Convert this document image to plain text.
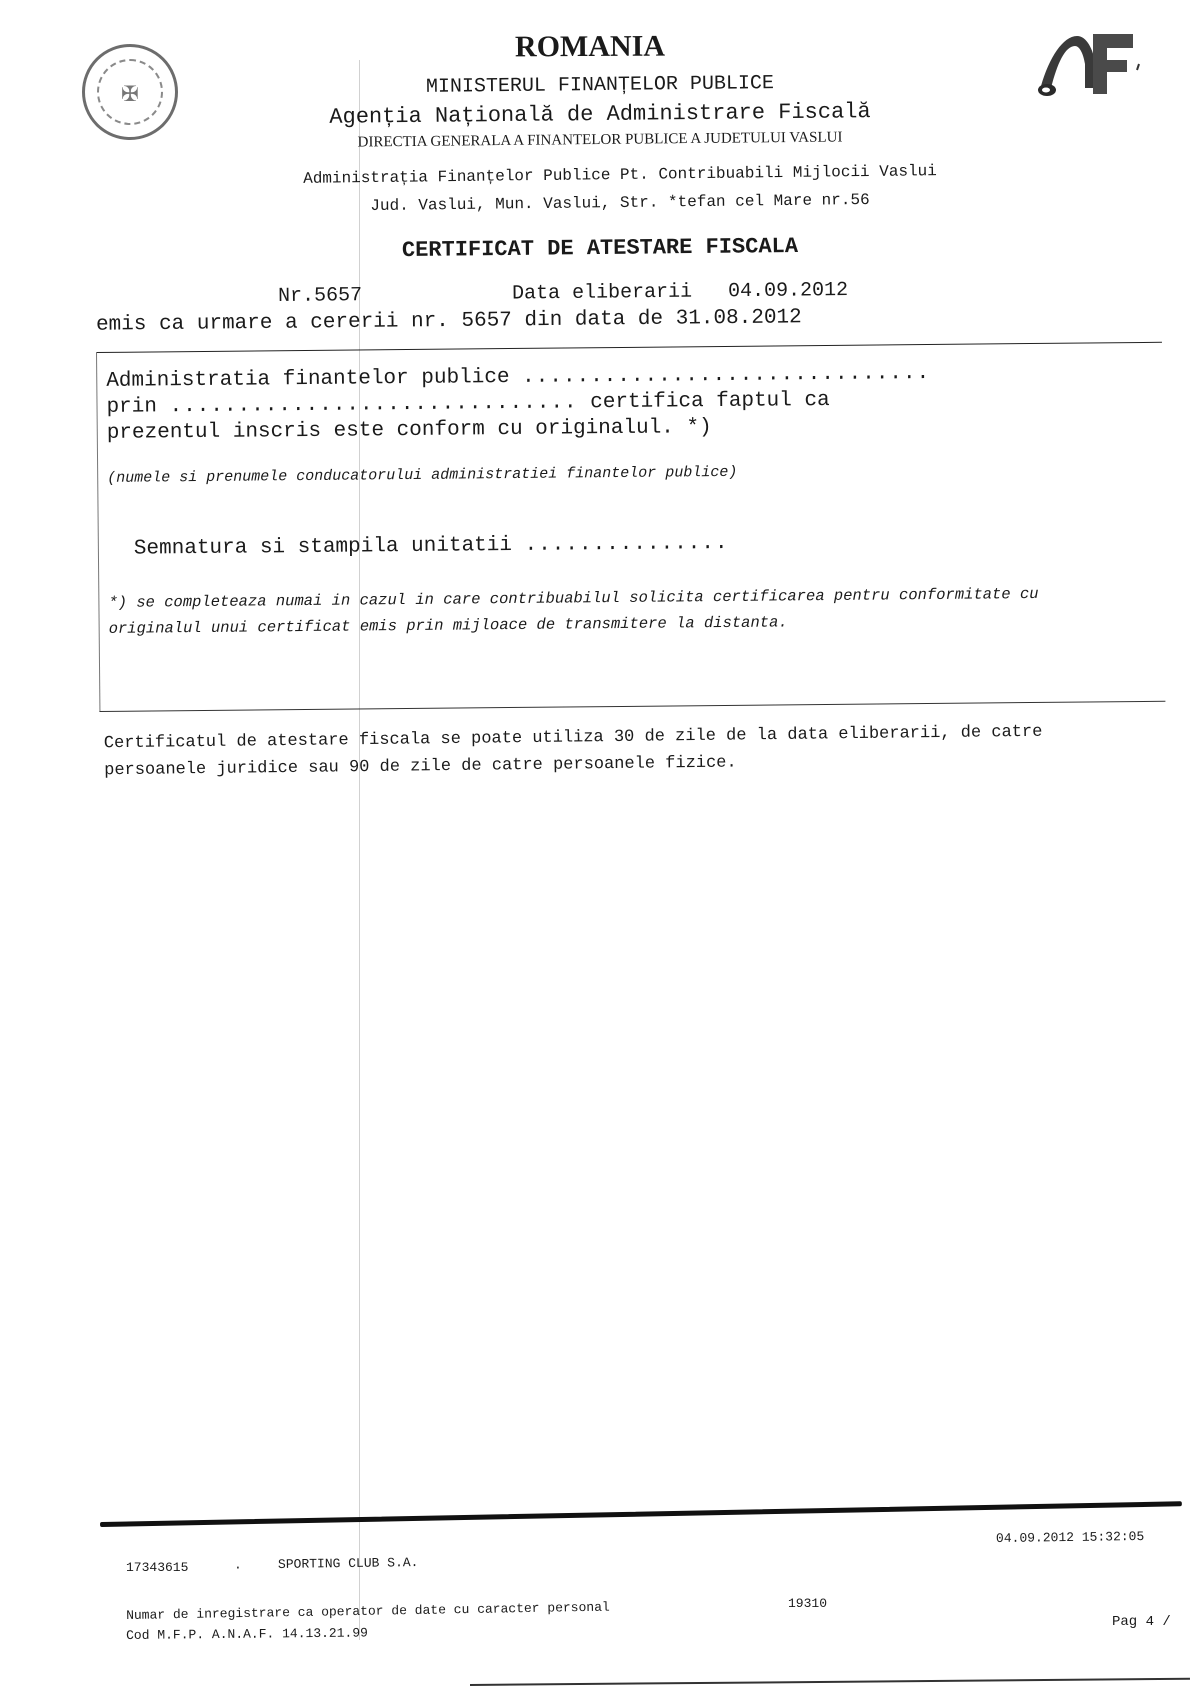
✠
ROMANIA
MINISTERUL FINANȚELOR PUBLICE
Agenția Națională de Administrare Fiscală
DIRECTIA GENERALA A FINANTELOR PUBLICE A JUDETULUI VASLUI
Administrația Finanțelor Publice Pt. Contribuabili Mijlocii Vaslui
Jud. Vaslui, Mun. Vaslui, Str. *tefan cel Mare nr.56
CERTIFICAT DE ATESTARE FISCALA
Nr.5657	Data eliberarii 04.09.2012
emis ca urmare a cererii nr. 5657 din data de 31.08.2012
Administratia finantelor publice ..............................
prin .............................. certifica faptul ca
prezentul inscris este conform cu originalul. *)
(numele si prenumele conducatorului administratiei finantelor publice)
Semnatura si stampila unitatii ...............
*) se completeaza numai in cazul in care contribuabilul solicita certificarea pentru conformitate cu originalul unui certificat emis prin mijloace de transmitere la distanta.
Certificatul de atestare fiscala se poate utiliza 30 de zile de la data eliberarii, de catre persoanele juridice sau 90 de zile de catre persoanele fizice.
04.09.2012 15:32:05
17343615	·	SPORTING CLUB S.A.
Numar de inregistrare ca operator de date cu caracter personal	19310
Cod M.F.P. A.N.A.F. 14.13.21.99
Pag 4 /
